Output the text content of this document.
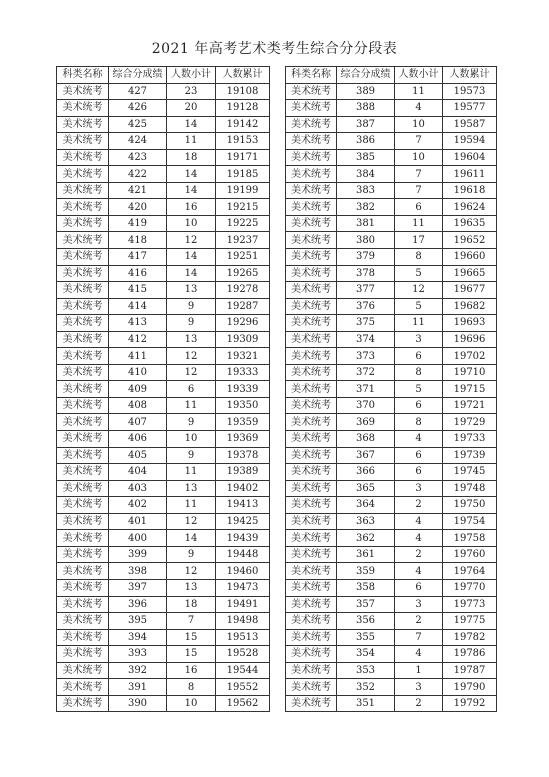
2021 年高考艺术类考生综合分分段表
科类名称	综合分成绩	人数小计	人数累计
美术统考	427	23	19108
美术统考	426	20	19128
美术统考	425	14	19142
美术统考	424	11	19153
美术统考	423	18	19171
美术统考	422	14	19185
美术统考	421	14	19199
美术统考	420	16	19215
美术统考	419	10	19225
美术统考	418	12	19237
美术统考	417	14	19251
美术统考	416	14	19265
美术统考	415	13	19278
美术统考	414	9	19287
美术统考	413	9	19296
美术统考	412	13	19309
美术统考	411	12	19321
美术统考	410	12	19333
美术统考	409	6	19339
美术统考	408	11	19350
美术统考	407	9	19359
美术统考	406	10	19369
美术统考	405	9	19378
美术统考	404	11	19389
美术统考	403	13	19402
美术统考	402	11	19413
美术统考	401	12	19425
美术统考	400	14	19439
美术统考	399	9	19448
美术统考	398	12	19460
美术统考	397	13	19473
美术统考	396	18	19491
美术统考	395	7	19498
美术统考	394	15	19513
美术统考	393	15	19528
美术统考	392	16	19544
美术统考	391	8	19552
美术统考	390	10	19562
科类名称	综合分成绩	人数小计	人数累计
美术统考	389	11	19573
美术统考	388	4	19577
美术统考	387	10	19587
美术统考	386	7	19594
美术统考	385	10	19604
美术统考	384	7	19611
美术统考	383	7	19618
美术统考	382	6	19624
美术统考	381	11	19635
美术统考	380	17	19652
美术统考	379	8	19660
美术统考	378	5	19665
美术统考	377	12	19677
美术统考	376	5	19682
美术统考	375	11	19693
美术统考	374	3	19696
美术统考	373	6	19702
美术统考	372	8	19710
美术统考	371	5	19715
美术统考	370	6	19721
美术统考	369	8	19729
美术统考	368	4	19733
美术统考	367	6	19739
美术统考	366	6	19745
美术统考	365	3	19748
美术统考	364	2	19750
美术统考	363	4	19754
美术统考	362	4	19758
美术统考	361	2	19760
美术统考	359	4	19764
美术统考	358	6	19770
美术统考	357	3	19773
美术统考	356	2	19775
美术统考	355	7	19782
美术统考	354	4	19786
美术统考	353	1	19787
美术统考	352	3	19790
美术统考	351	2	19792
